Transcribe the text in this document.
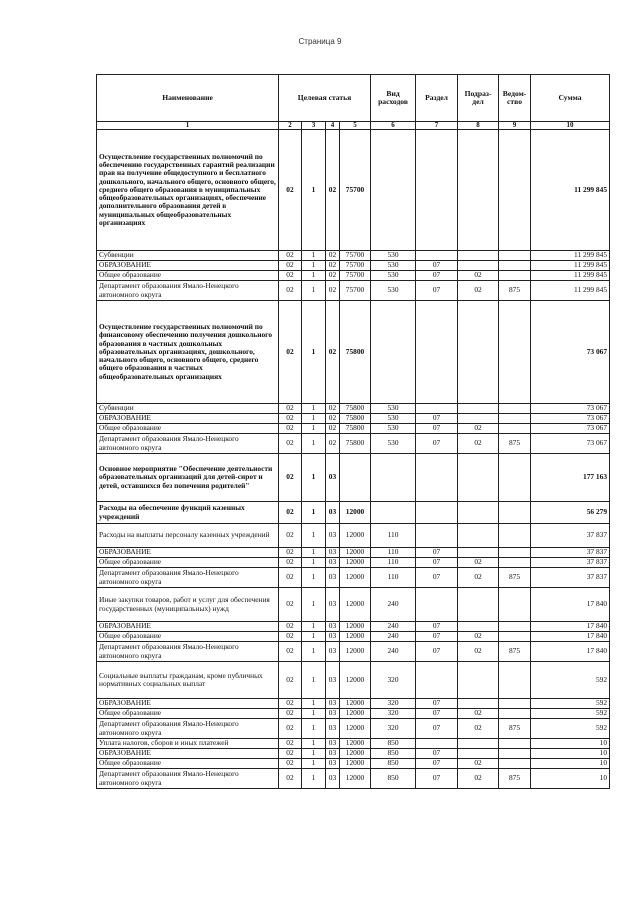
Страница 9
Наименование	Целевая статья				Вид расходов	Раздел	Подраз-дел	Ведом-ство	Сумма
1	2	3	4	5	6	7	8	9	10
Осуществление государственных полномочий по обеспечению государственных гарантий реализации прав на получение общедоступного и бесплатного дошкольного, начального общего, основного общего, среднего общего образования в муниципальных общеобразовательных организациях, обеспечение дополнительного образования детей в муниципальных общеобразовательных организациях	02	1	02	75700					11 299 845
Субвенции	02	1	02	75700	530				11 299 845
ОБРАЗОВАНИЕ	02	1	02	75700	530	07			11 299 845
Общее образование	02	1	02	75700	530	07	02		11 299 845
Департамент образования Ямало-Ненецкого автономного округа	02	1	02	75700	530	07	02	875	11 299 845
Осуществление государственных полномочий по финансовому обеспечению получения дошкольного образования в частных дошкольных образовательных организациях, дошкольного, начального общего, основного общего, среднего общего образования в частных общеобразовательных организациях	02	1	02	75800					73 067
Субвенции	02	1	02	75800	530				73 067
ОБРАЗОВАНИЕ	02	1	02	75800	530	07			73 067
Общее образование	02	1	02	75800	530	07	02		73 067
Департамент образования Ямало-Ненецкого автономного округа	02	1	02	75800	530	07	02	875	73 067
Основное мероприятие "Обеспечение деятельности образовательных организаций для детей-сирот и детей, оставшихся без попечения родителей"	02	1	03						177 163
Расходы на обеспечение функций казенных учреждений	02	1	03	12000					56 279
Расходы на выплаты персоналу казенных учреждений	02	1	03	12000	110				37 837
ОБРАЗОВАНИЕ	02	1	03	12000	110	07			37 837
Общее образование	02	1	03	12000	110	07	02		37 837
Департамент образования Ямало-Ненецкого автономного округа	02	1	03	12000	110	07	02	875	37 837
Иные закупки товаров, работ и услуг для обеспечения государственных (муниципальных) нужд	02	1	03	12000	240				17 840
ОБРАЗОВАНИЕ	02	1	03	12000	240	07			17 840
Общее образование	02	1	03	12000	240	07	02		17 840
Департамент образования Ямало-Ненецкого автономного округа	02	1	03	12000	240	07	02	875	17 840
Социальные выплаты гражданам, кроме публичных нормативных социальных выплат	02	1	03	12000	320				592
ОБРАЗОВАНИЕ	02	1	03	12000	320	07			592
Общее образование	02	1	03	12000	320	07	02		592
Департамент образования Ямало-Ненецкого автономного округа	02	1	03	12000	320	07	02	875	592
Уплата налогов, сборов и иных платежей	02	1	03	12000	850				10
ОБРАЗОВАНИЕ	02	1	03	12000	850	07			10
Общее образование	02	1	03	12000	850	07	02		10
Департамент образования Ямало-Ненецкого автономного округа	02	1	03	12000	850	07	02	875	10
